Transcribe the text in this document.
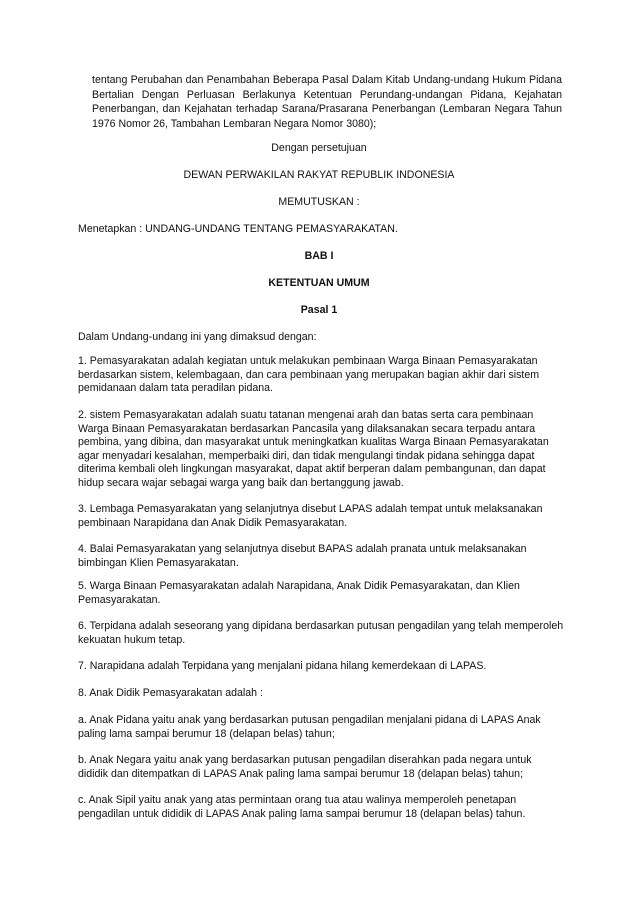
tentang Perubahan dan Penambahan Beberapa Pasal Dalam Kitab Undang-undang Hukum Pidana Bertalian Dengan Perluasan Berlakunya Ketentuan Perundang-undangan Pidana, Kejahatan Penerbangan, dan Kejahatan terhadap Sarana/Prasarana Penerbangan (Lembaran Negara Tahun 1976 Nomor 26, Tambahan Lembaran Negara Nomor 3080);
Dengan persetujuan
DEWAN PERWAKILAN RAKYAT REPUBLIK INDONESIA
MEMUTUSKAN :
Menetapkan : UNDANG-UNDANG TENTANG PEMASYARAKATAN.
BAB I
KETENTUAN UMUM
Pasal 1
Dalam Undang-undang ini yang dimaksud dengan:
1. Pemasyarakatan adalah kegiatan untuk melakukan pembinaan Warga Binaan Pemasyarakatan berdasarkan sistem, kelembagaan, dan cara pembinaan yang merupakan bagian akhir dari sistem pemidanaan dalam tata peradilan pidana.
2. sistem Pemasyarakatan adalah suatu tatanan mengenai arah dan batas serta cara pembinaan Warga Binaan Pemasyarakatan berdasarkan Pancasila yang dilaksanakan secara terpadu antara pembina, yang dibina, dan masyarakat untuk meningkatkan kualitas Warga Binaan Pemasyarakatan agar menyadari kesalahan, memperbaiki diri, dan tidak mengulangi tindak pidana sehingga dapat diterima kembali oleh lingkungan masyarakat, dapat aktif berperan dalam pembangunan, dan dapat hidup secara wajar sebagai warga yang baik dan bertanggung jawab.
3. Lembaga Pemasyarakatan yang selanjutnya disebut LAPAS adalah tempat untuk melaksanakan pembinaan Narapidana dan Anak Didik Pemasyarakatan.
4. Balai Pemasyarakatan yang selanjutnya disebut BAPAS adalah pranata untuk melaksanakan bimbingan Klien Pemasyarakatan.
5. Warga Binaan Pemasyarakatan adalah Narapidana, Anak Didik Pemasyarakatan, dan Klien Pemasyarakatan.
6. Terpidana adalah seseorang yang dipidana berdasarkan putusan pengadilan yang telah memperoleh kekuatan hukum tetap.
7. Narapidana adalah Terpidana yang menjalani pidana hilang kemerdekaan di LAPAS.
8. Anak Didik Pemasyarakatan adalah :
a. Anak Pidana yaitu anak yang berdasarkan putusan pengadilan menjalani pidana di LAPAS Anak paling lama sampai berumur 18 (delapan belas) tahun;
b. Anak Negara yaitu anak yang berdasarkan putusan pengadilan diserahkan pada negara untuk dididik dan ditempatkan di LAPAS Anak paling lama sampai berumur 18 (delapan belas) tahun;
c. Anak Sipil yaitu anak yang atas permintaan orang tua atau walinya memperoleh penetapan pengadilan untuk dididik di LAPAS Anak paling lama sampai berumur 18 (delapan belas) tahun.
